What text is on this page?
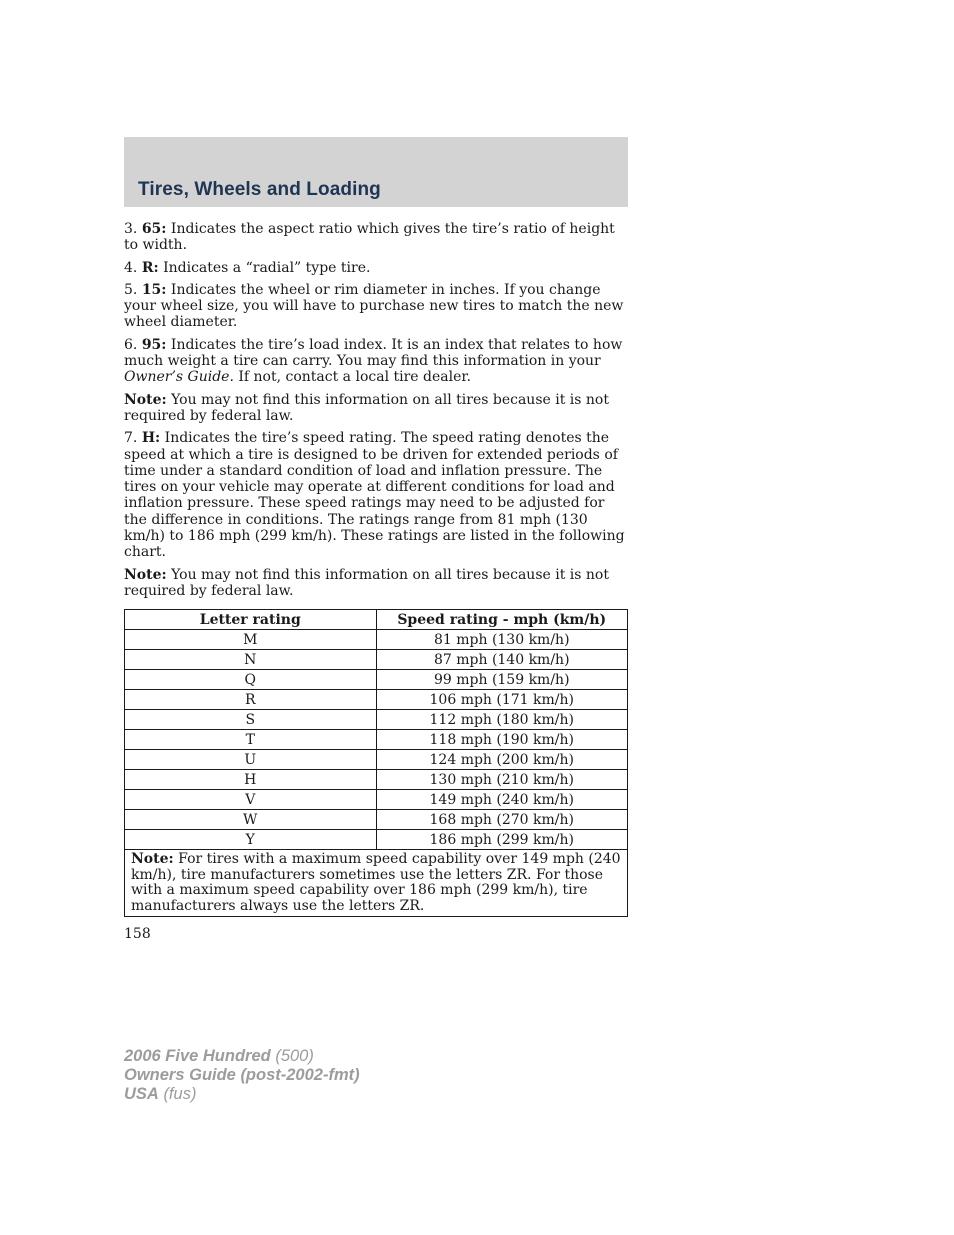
Tires, Wheels and Loading

3. 65: Indicates the aspect ratio which gives the tire’s ratio of height to width.

4. R: Indicates a “radial” type tire.

5. 15: Indicates the wheel or rim diameter in inches. If you change your wheel size, you will have to purchase new tires to match the new wheel diameter.

6. 95: Indicates the tire’s load index. It is an index that relates to how much weight a tire can carry. You may find this information in your Owner’s Guide. If not, contact a local tire dealer.

Note: You may not find this information on all tires because it is not required by federal law.

7. H: Indicates the tire’s speed rating. The speed rating denotes the speed at which a tire is designed to be driven for extended periods of time under a standard condition of load and inflation pressure. The tires on your vehicle may operate at different conditions for load and inflation pressure. These speed ratings may need to be adjusted for the difference in conditions. The ratings range from 81 mph (130 km/h) to 186 mph (299 km/h). These ratings are listed in the following chart.

Note: You may not find this information on all tires because it is not required by federal law.

Letter rating	Speed rating - mph (km/h)
M	81 mph (130 km/h)
N	87 mph (140 km/h)
Q	99 mph (159 km/h)
R	106 mph (171 km/h)
S	112 mph (180 km/h)
T	118 mph (190 km/h)
U	124 mph (200 km/h)
H	130 mph (210 km/h)
V	149 mph (240 km/h)
W	168 mph (270 km/h)
Y	186 mph (299 km/h)
Note: For tires with a maximum speed capability over 149 mph (240 km/h), tire manufacturers sometimes use the letters ZR. For those with a maximum speed capability over 186 mph (299 km/h), tire manufacturers always use the letters ZR.	
158
2006 Five Hundred (500)
Owners Guide (post-2002-fmt)
USA (fus)
